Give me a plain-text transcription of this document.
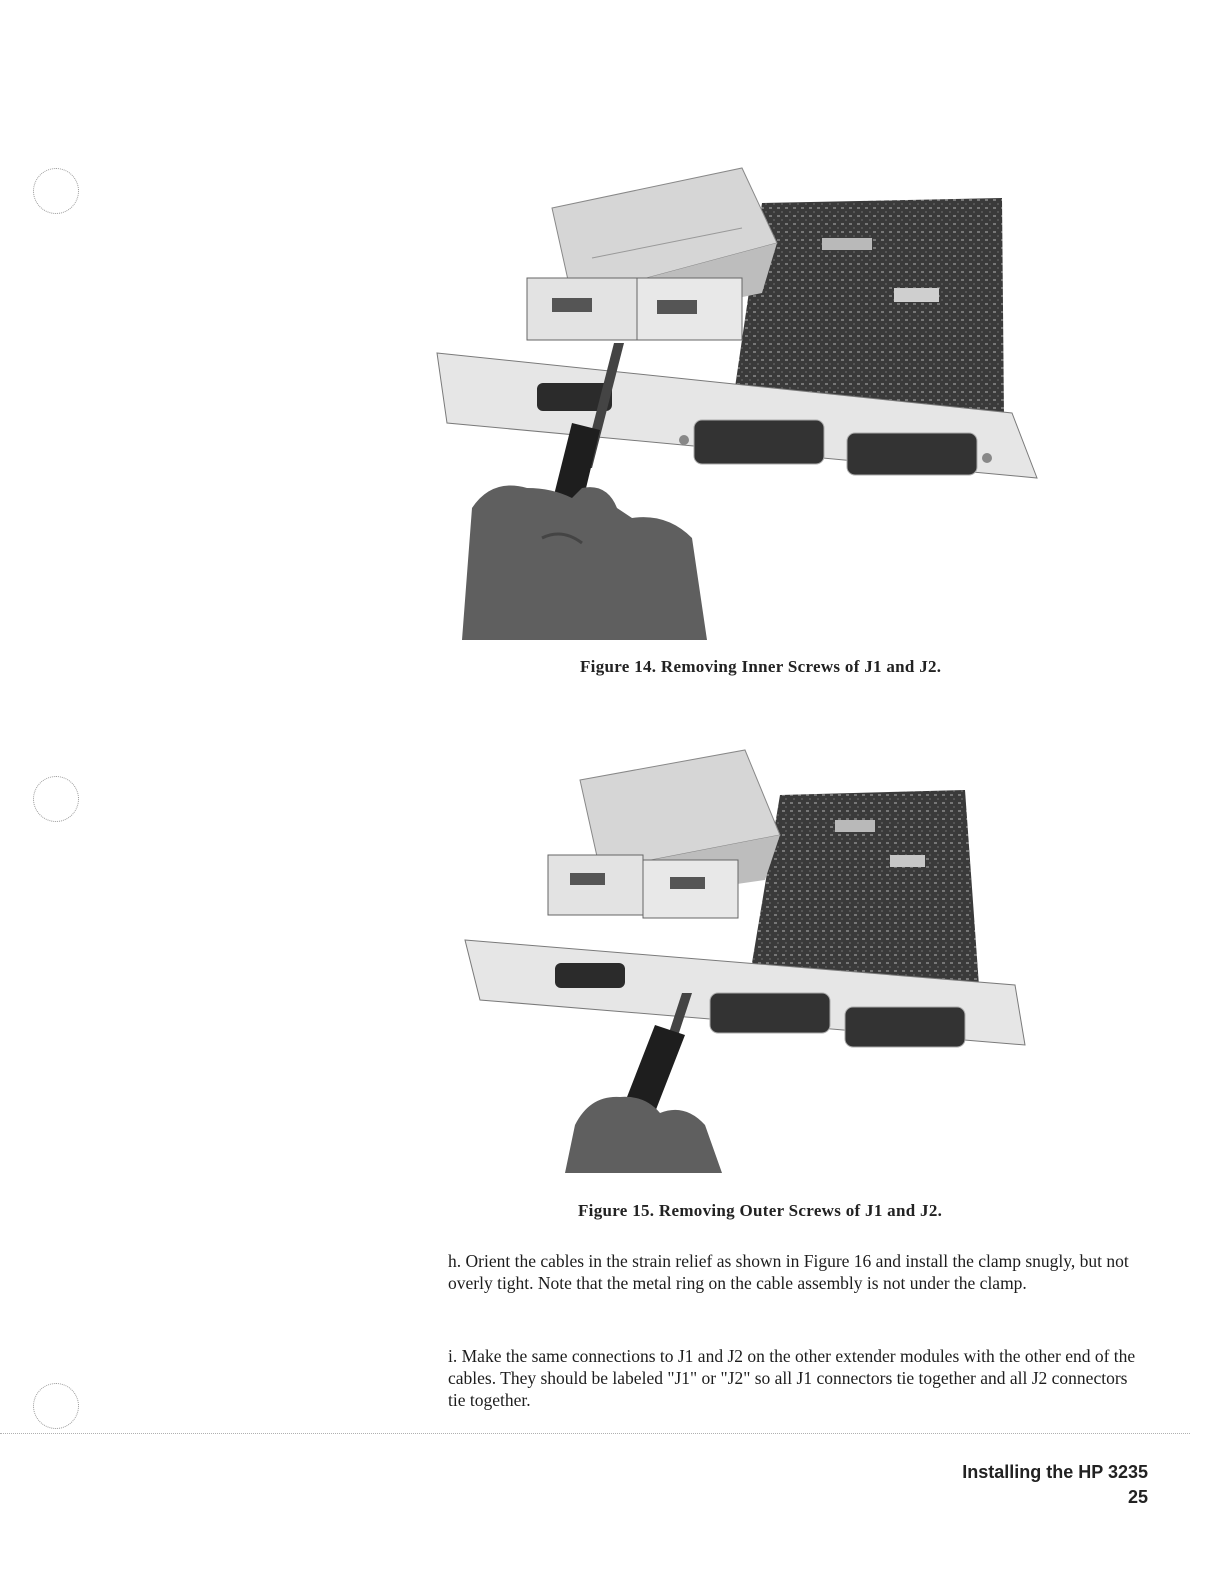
Figure 14. Removing Inner Screws of J1 and J2.
Figure 15. Removing Outer Screws of J1 and J2.

h. Orient the cables in the strain relief as shown in Figure 16 and install the clamp snugly, but not overly tight. Note that the metal ring on the cable assembly is not under the clamp.

i. Make the same connections to J1 and J2 on the other extender modules with the other end of the cables. They should be labeled "J1" or "J2" so all J1 connectors tie together and all J2 connectors tie together.

Installing the HP 3235
25
